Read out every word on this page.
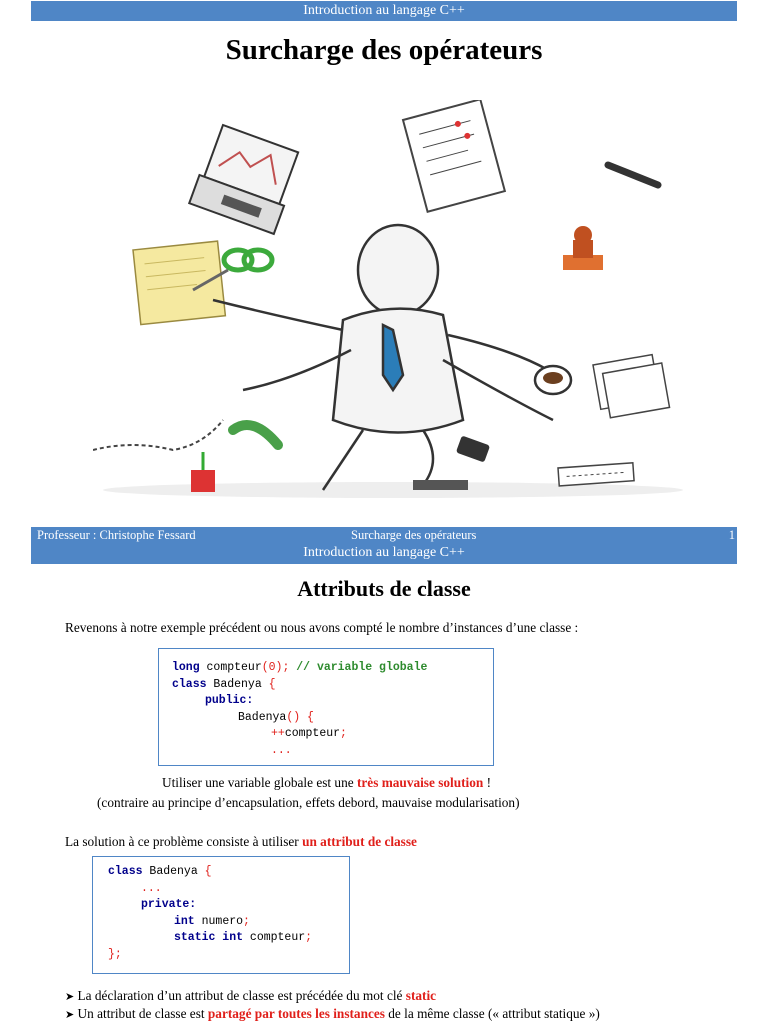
Introduction au langage C++
Surcharge des opérateurs
Professeur : Christophe Fessard	Surcharge des opérateurs	1
Introduction au langage C++
Attributs de classe
Revenons à notre exemple précédent ou nous avons compté le nombre d’instances d’une classe :
long compteur(0); // variable globale
class Badenya {
public:
Badenya() {
++compteur;
...
Utiliser une variable globale est une très mauvaise solution !
(contraire au principe d’encapsulation, effets debord, mauvaise modularisation)
La solution à ce problème consiste à utiliser un attribut de classe
class Badenya {
...
private:
int numero;
static int compteur;
};
➤ La déclaration d’un attribut de classe est précédée du mot clé static
➤ Un attribut de classe est partagé par toutes les instances de la même classe (« attribut statique »)
